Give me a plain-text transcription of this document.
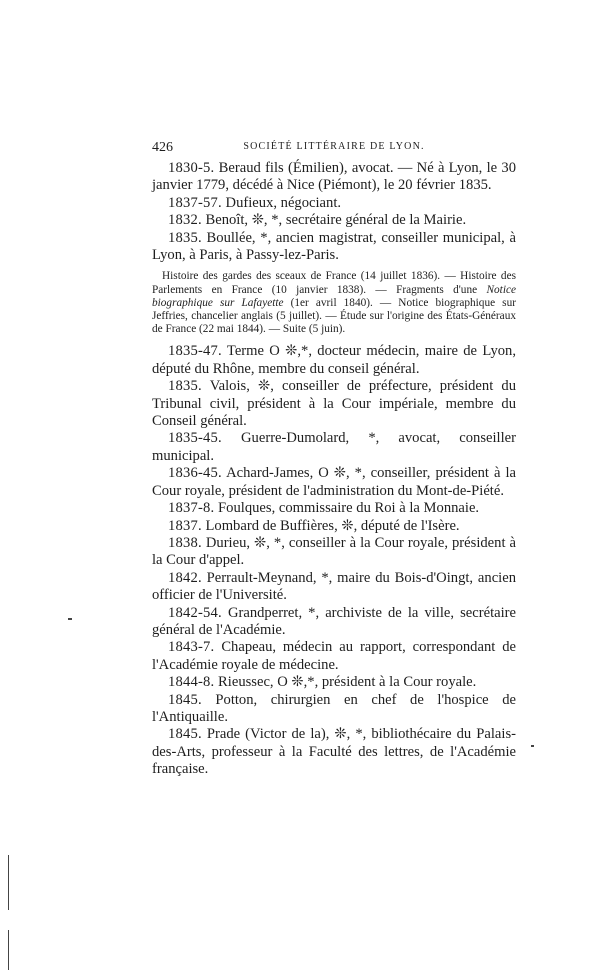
426	SOCIÉTÉ LITTÉRAIRE DE LYON.

1830-5. Beraud fils (Émilien), avocat. — Né à Lyon, le 30 janvier 1779, décédé à Nice (Piémont), le 20 février 1835.

1837-57. Dufieux, négociant.

1832. Benoît, ❊, *, secrétaire général de la Mairie.

1835. Boullée, *, ancien magistrat, conseiller municipal, à Lyon, à Paris, à Passy-lez-Paris.

Histoire des gardes des sceaux de France (14 juillet 1836). — Histoire des Parlements en France (10 janvier 1838). — Fragments d'une Notice biographique sur Lafayette (1er avril 1840). — Notice biographique sur Jeffries, chancelier anglais (5 juillet). — Étude sur l'origine des États-Généraux de France (22 mai 1844). — Suite (5 juin).

1835-47. Terme O ❊,*, docteur médecin, maire de Lyon, député du Rhône, membre du conseil général.

1835. Valois, ❊, conseiller de préfecture, président du Tribunal civil, président à la Cour impériale, membre du Conseil général.

1835-45. Guerre-Dumolard, *, avocat, conseiller municipal.

1836-45. Achard-James, O ❊, *, conseiller, président à la Cour royale, président de l'administration du Mont-de-Piété.

1837-8. Foulques, commissaire du Roi à la Monnaie.

1837. Lombard de Buffières, ❊, député de l'Isère.

1838. Durieu, ❊, *, conseiller à la Cour royale, président à la Cour d'appel.

1842. Perrault-Meynand, *, maire du Bois-d'Oingt, ancien officier de l'Université.

1842-54. Grandperret, *, archiviste de la ville, secrétaire général de l'Académie.

1843-7. Chapeau, médecin au rapport, correspondant de l'Académie royale de médecine.

1844-8. Rieussec, O ❊,*, président à la Cour royale.

1845. Potton, chirurgien en chef de l'hospice de l'Antiquaille.

1845. Prade (Victor de la), ❊, *, bibliothécaire du Palais-des-Arts, professeur à la Faculté des lettres, de l'Académie française.
